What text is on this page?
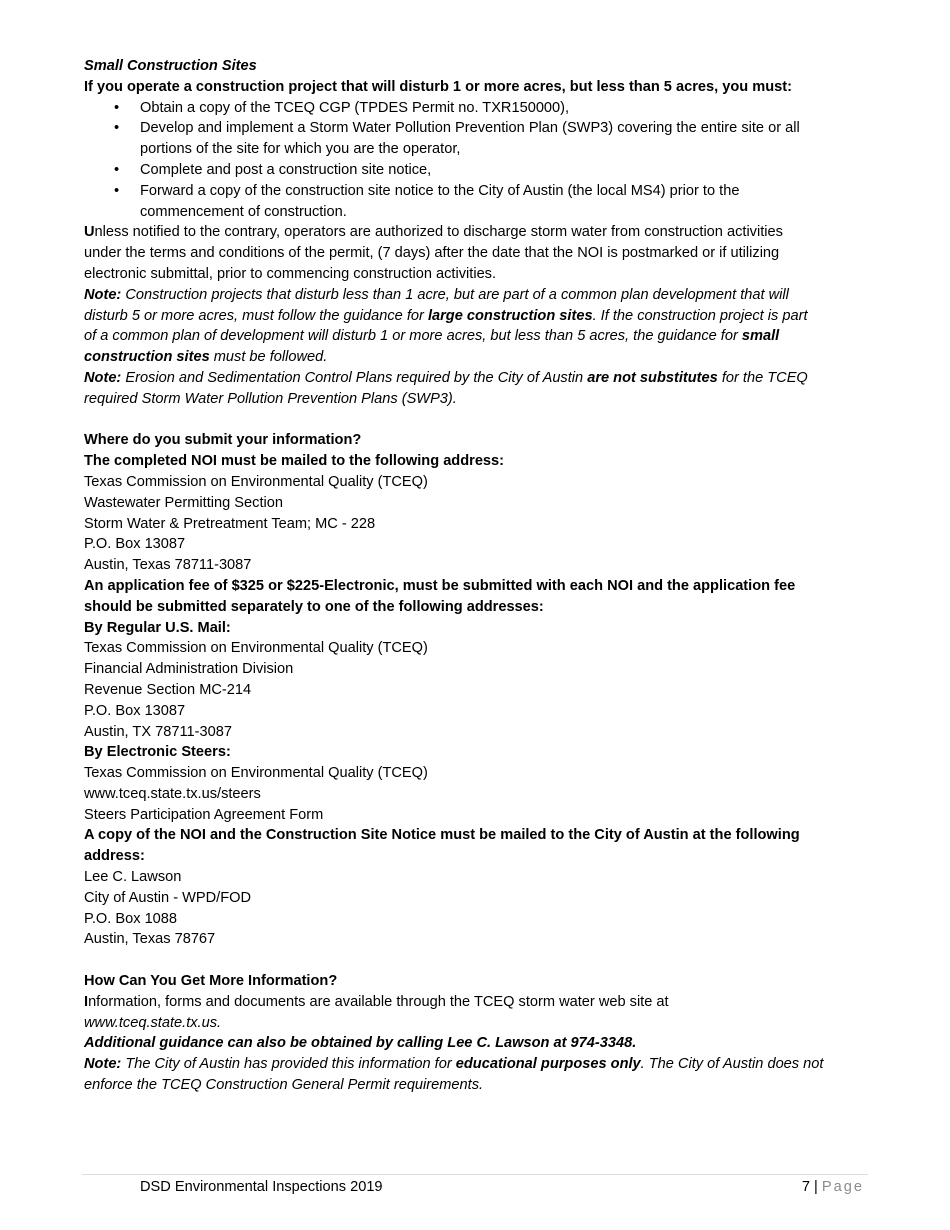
Small Construction Sites
If you operate a construction project that will disturb 1 or more acres, but less than 5 acres, you must:
• Obtain a copy of the TCEQ CGP (TPDES Permit no. TXR150000),
• Develop and implement a Storm Water Pollution Prevention Plan (SWP3) covering the entire site or all
portions of the site for which you are the operator,
• Complete and post a construction site notice,
• Forward a copy of the construction site notice to the City of Austin (the local MS4) prior to the
commencement of construction.
Unless notified to the contrary, operators are authorized to discharge storm water from construction activities
under the terms and conditions of the permit, (7 days) after the date that the NOI is postmarked or if utilizing
electronic submittal, prior to commencing construction activities.
Note: Construction projects that disturb less than 1 acre, but are part of a common plan development that will
disturb 5 or more acres, must follow the guidance for large construction sites. If the construction project is part
of a common plan of development will disturb 1 or more acres, but less than 5 acres, the guidance for small
construction sites must be followed.
Note: Erosion and Sedimentation Control Plans required by the City of Austin are not substitutes for the TCEQ
required Storm Water Pollution Prevention Plans (SWP3).
Where do you submit your information?
The completed NOI must be mailed to the following address:
Texas Commission on Environmental Quality (TCEQ)
Wastewater Permitting Section
Storm Water & Pretreatment Team; MC - 228
P.O. Box 13087
Austin, Texas 78711-3087
An application fee of $325 or $225-Electronic, must be submitted with each NOI and the application fee
should be submitted separately to one of the following addresses:
By Regular U.S. Mail:
Texas Commission on Environmental Quality (TCEQ)
Financial Administration Division
Revenue Section MC-214
P.O. Box 13087
Austin, TX 78711-3087
By Electronic Steers:
Texas Commission on Environmental Quality (TCEQ)
www.tceq.state.tx.us/steers
Steers Participation Agreement Form
A copy of the NOI and the Construction Site Notice must be mailed to the City of Austin at the following
address:
Lee C. Lawson
City of Austin - WPD/FOD
P.O. Box 1088
Austin, Texas 78767
How Can You Get More Information?
Information, forms and documents are available through the TCEQ storm water web site at
www.tceq.state.tx.us.
Additional guidance can also be obtained by calling Lee C. Lawson at 974-3348.
Note: The City of Austin has provided this information for educational purposes only. The City of Austin does not
enforce the TCEQ Construction General Permit requirements.
DSD Environmental Inspections 2019	7 | Page
